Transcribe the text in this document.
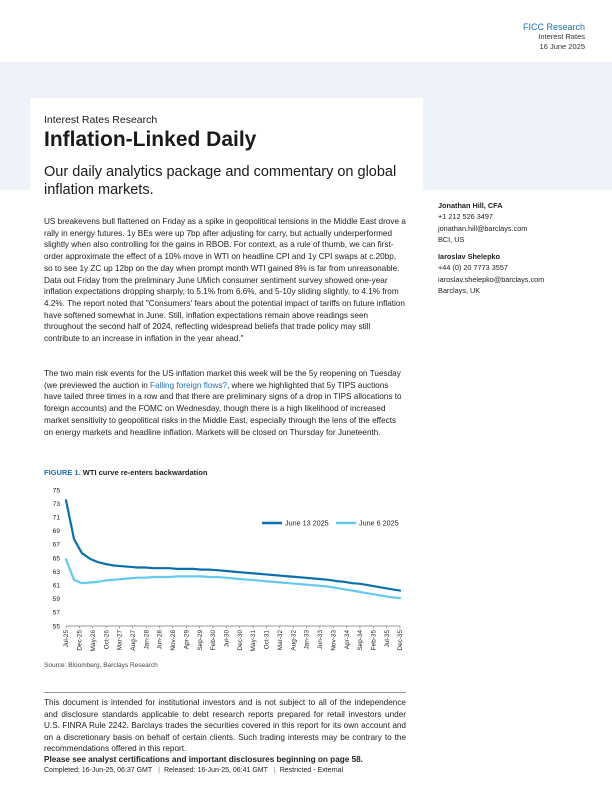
FICC Research
Interest Rates
16 June 2025
Interest Rates Research
Inflation-Linked Daily
Our daily analytics package and commentary on global inflation markets.
US breakevens bull flattened on Friday as a spike in geopolitical tensions in the Middle East drove a rally in energy futures. 1y BEs were up 7bp after adjusting for carry, but actually underperformed slightly when also controlling for the gains in RBOB. For context, as a rule of thumb, we can first-order approximate the effect of a 10% move in WTI on headline CPI and 1y CPI swaps at c.20bp, so to see 1y ZC up 12bp on the day when prompt month WTI gained 8% is far from unreasonable. Data out Friday from the preliminary June UMich consumer sentiment survey showed one-year inflation expectations dropping sharply, to 5.1% from 6.6%, and 5-10y sliding slightly, to 4.1% from 4.2%. The report noted that "Consumers' fears about the potential impact of tariffs on future inflation have softened somewhat in June. Still, inflation expectations remain above readings seen throughout the second half of 2024, reflecting widespread beliefs that trade policy may still contribute to an increase in inflation in the year ahead."
The two main risk events for the US inflation market this week will be the 5y reopening on Tuesday (we previewed the auction in Falling foreign flows?, where we highlighted that 5y TIPS auctions have tailed three times in a row and that there are preliminary signs of a drop in TIPS allocations to foreign accounts) and the FOMC on Wednesday, though there is a high likelihood of increased market sensitivity to geopolitical risks in the Middle East, especially through the lens of the effects on energy markets and headline inflation. Markets will be closed on Thursday for Juneteenth.
Jonathan Hill, CFA
+1 212 526 3497
jonathan.hill@barclays.com
BCI, US
Iaroslav Shelepko
+44 (0) 20 7773 3557
iaroslav.shelepko@barclays.com
Barclays, UK
FIGURE 1. WTI curve re-enters backwardation
55
57
59
61
63
65
67
69
71
73
75
Jul-25 Dec-25 May-26 Oct-26 Mar-27 Aug-27 Jan-28 Jun-28 Nov-28 Apr-29 Sep-29 Feb-30 Jul-30 Dec-30 May-31 Oct-31 Mar-32 Aug-32 Jan-33 Jun-33 Nov-33 Apr-34 Sep-34 Feb-35 Jul-35 Dec-35
June 13 2025	June 6 2025
Source: Bloomberg, Barclays Research
This document is intended for institutional investors and is not subject to all of the independence and disclosure standards applicable to debt research reports prepared for retail investors under U.S. FINRA Rule 2242. Barclays trades the securities covered in this report for its own account and on a discretionary basis on behalf of certain clients. Such trading interests may be contrary to the recommendations offered in this report.
Please see analyst certifications and important disclosures beginning on page 58.
Completed: 16-Jun-25, 06:37 GMT | Released: 16-Jun-25, 06:41 GMT | Restricted - External
